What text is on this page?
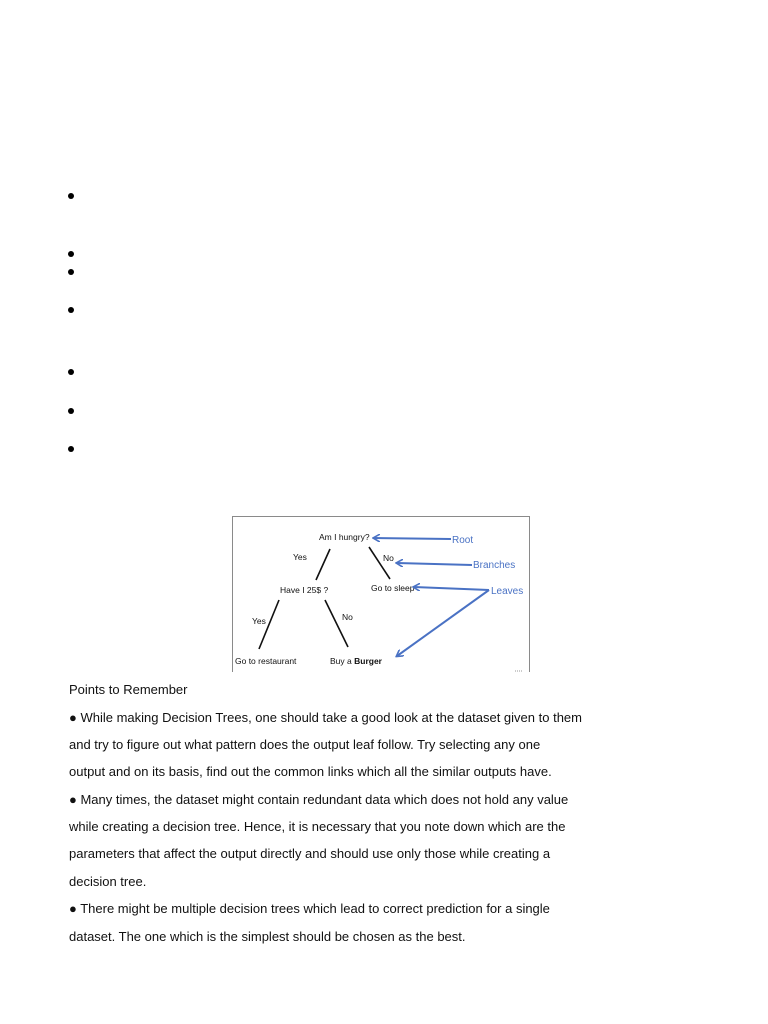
Am I hungry?
Yes	No
Have I 25$ ?	Go to sleep
Yes	No
Go to restaurant	Buy a Burger
Root
Branches
Leaves

Points to Remember

● While making Decision Trees, one should take a good look at the dataset given to them

and try to figure out what pattern does the output leaf follow. Try selecting any one

output and on its basis, find out the common links which all the similar outputs have.

● Many times, the dataset might contain redundant data which does not hold any value

while creating a decision tree. Hence, it is necessary that you note down which are the

parameters that affect the output directly and should use only those while creating a

decision tree.

● There might be multiple decision trees which lead to correct prediction for a single

dataset. The one which is the simplest should be chosen as the best.
